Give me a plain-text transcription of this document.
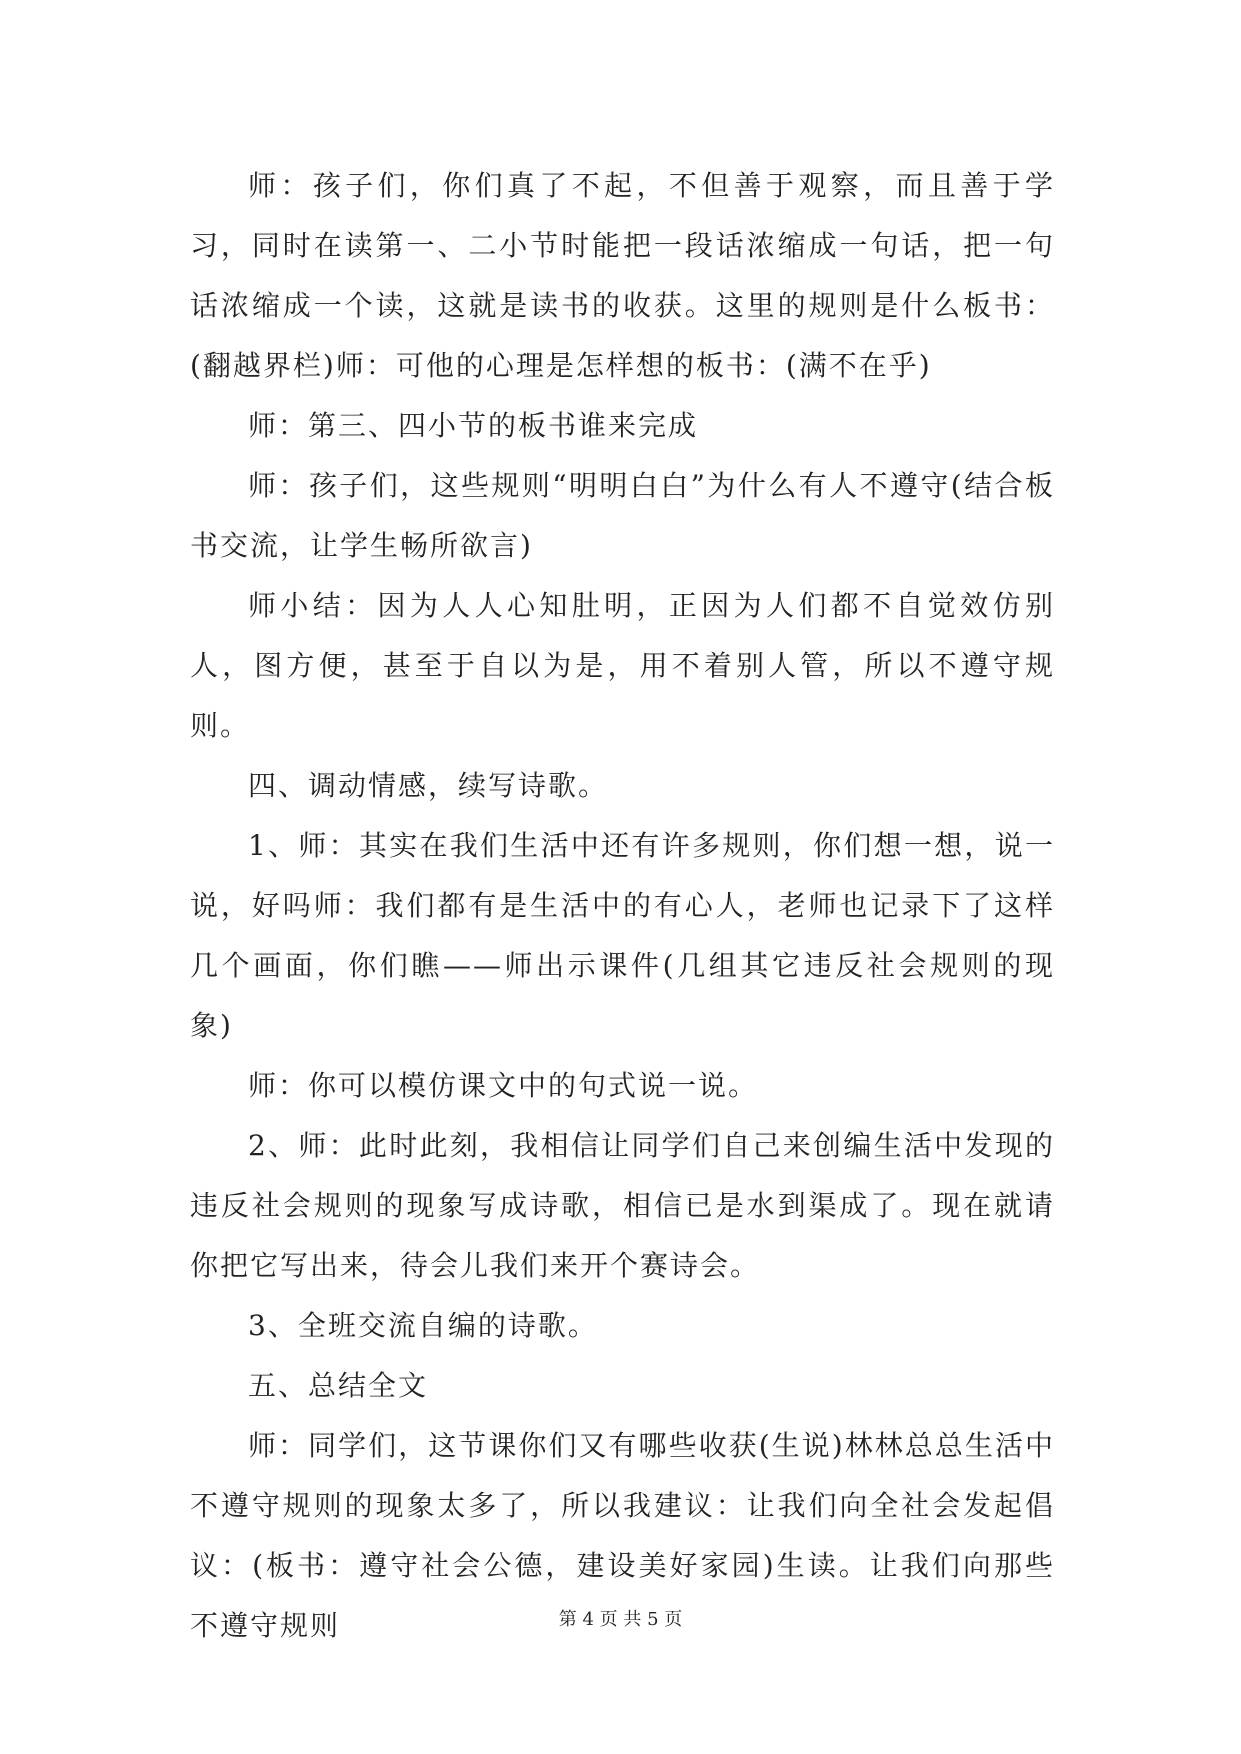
师：孩子们，你们真了不起，不但善于观察，而且善于学习，同时在读第一、二小节时能把一段话浓缩成一句话，把一句话浓缩成一个读，这就是读书的收获。这里的规则是什么板书：(翻越界栏)师：可他的心理是怎样想的板书：(满不在乎)

师：第三、四小节的板书谁来完成

师：孩子们，这些规则“明明白白”为什么有人不遵守(结合板书交流，让学生畅所欲言)

师小结：因为人人心知肚明，正因为人们都不自觉效仿别人，图方便，甚至于自以为是，用不着别人管，所以不遵守规则。

四、调动情感，续写诗歌。

1、师：其实在我们生活中还有许多规则，你们想一想，说一说，好吗师：我们都有是生活中的有心人，老师也记录下了这样几个画面，你们瞧——师出示课件(几组其它违反社会规则的现象)

师：你可以模仿课文中的句式说一说。

2、师：此时此刻，我相信让同学们自己来创编生活中发现的违反社会规则的现象写成诗歌，相信已是水到渠成了。现在就请你把它写出来，待会儿我们来开个赛诗会。

3、全班交流自编的诗歌。

五、总结全文

师：同学们，这节课你们又有哪些收获(生说)林林总总生活中不遵守规则的现象太多了，所以我建议：让我们向全社会发起倡议：(板书：遵守社会公德，建设美好家园)生读。让我们向那些不遵守规则	第 4 页 共 5 页
